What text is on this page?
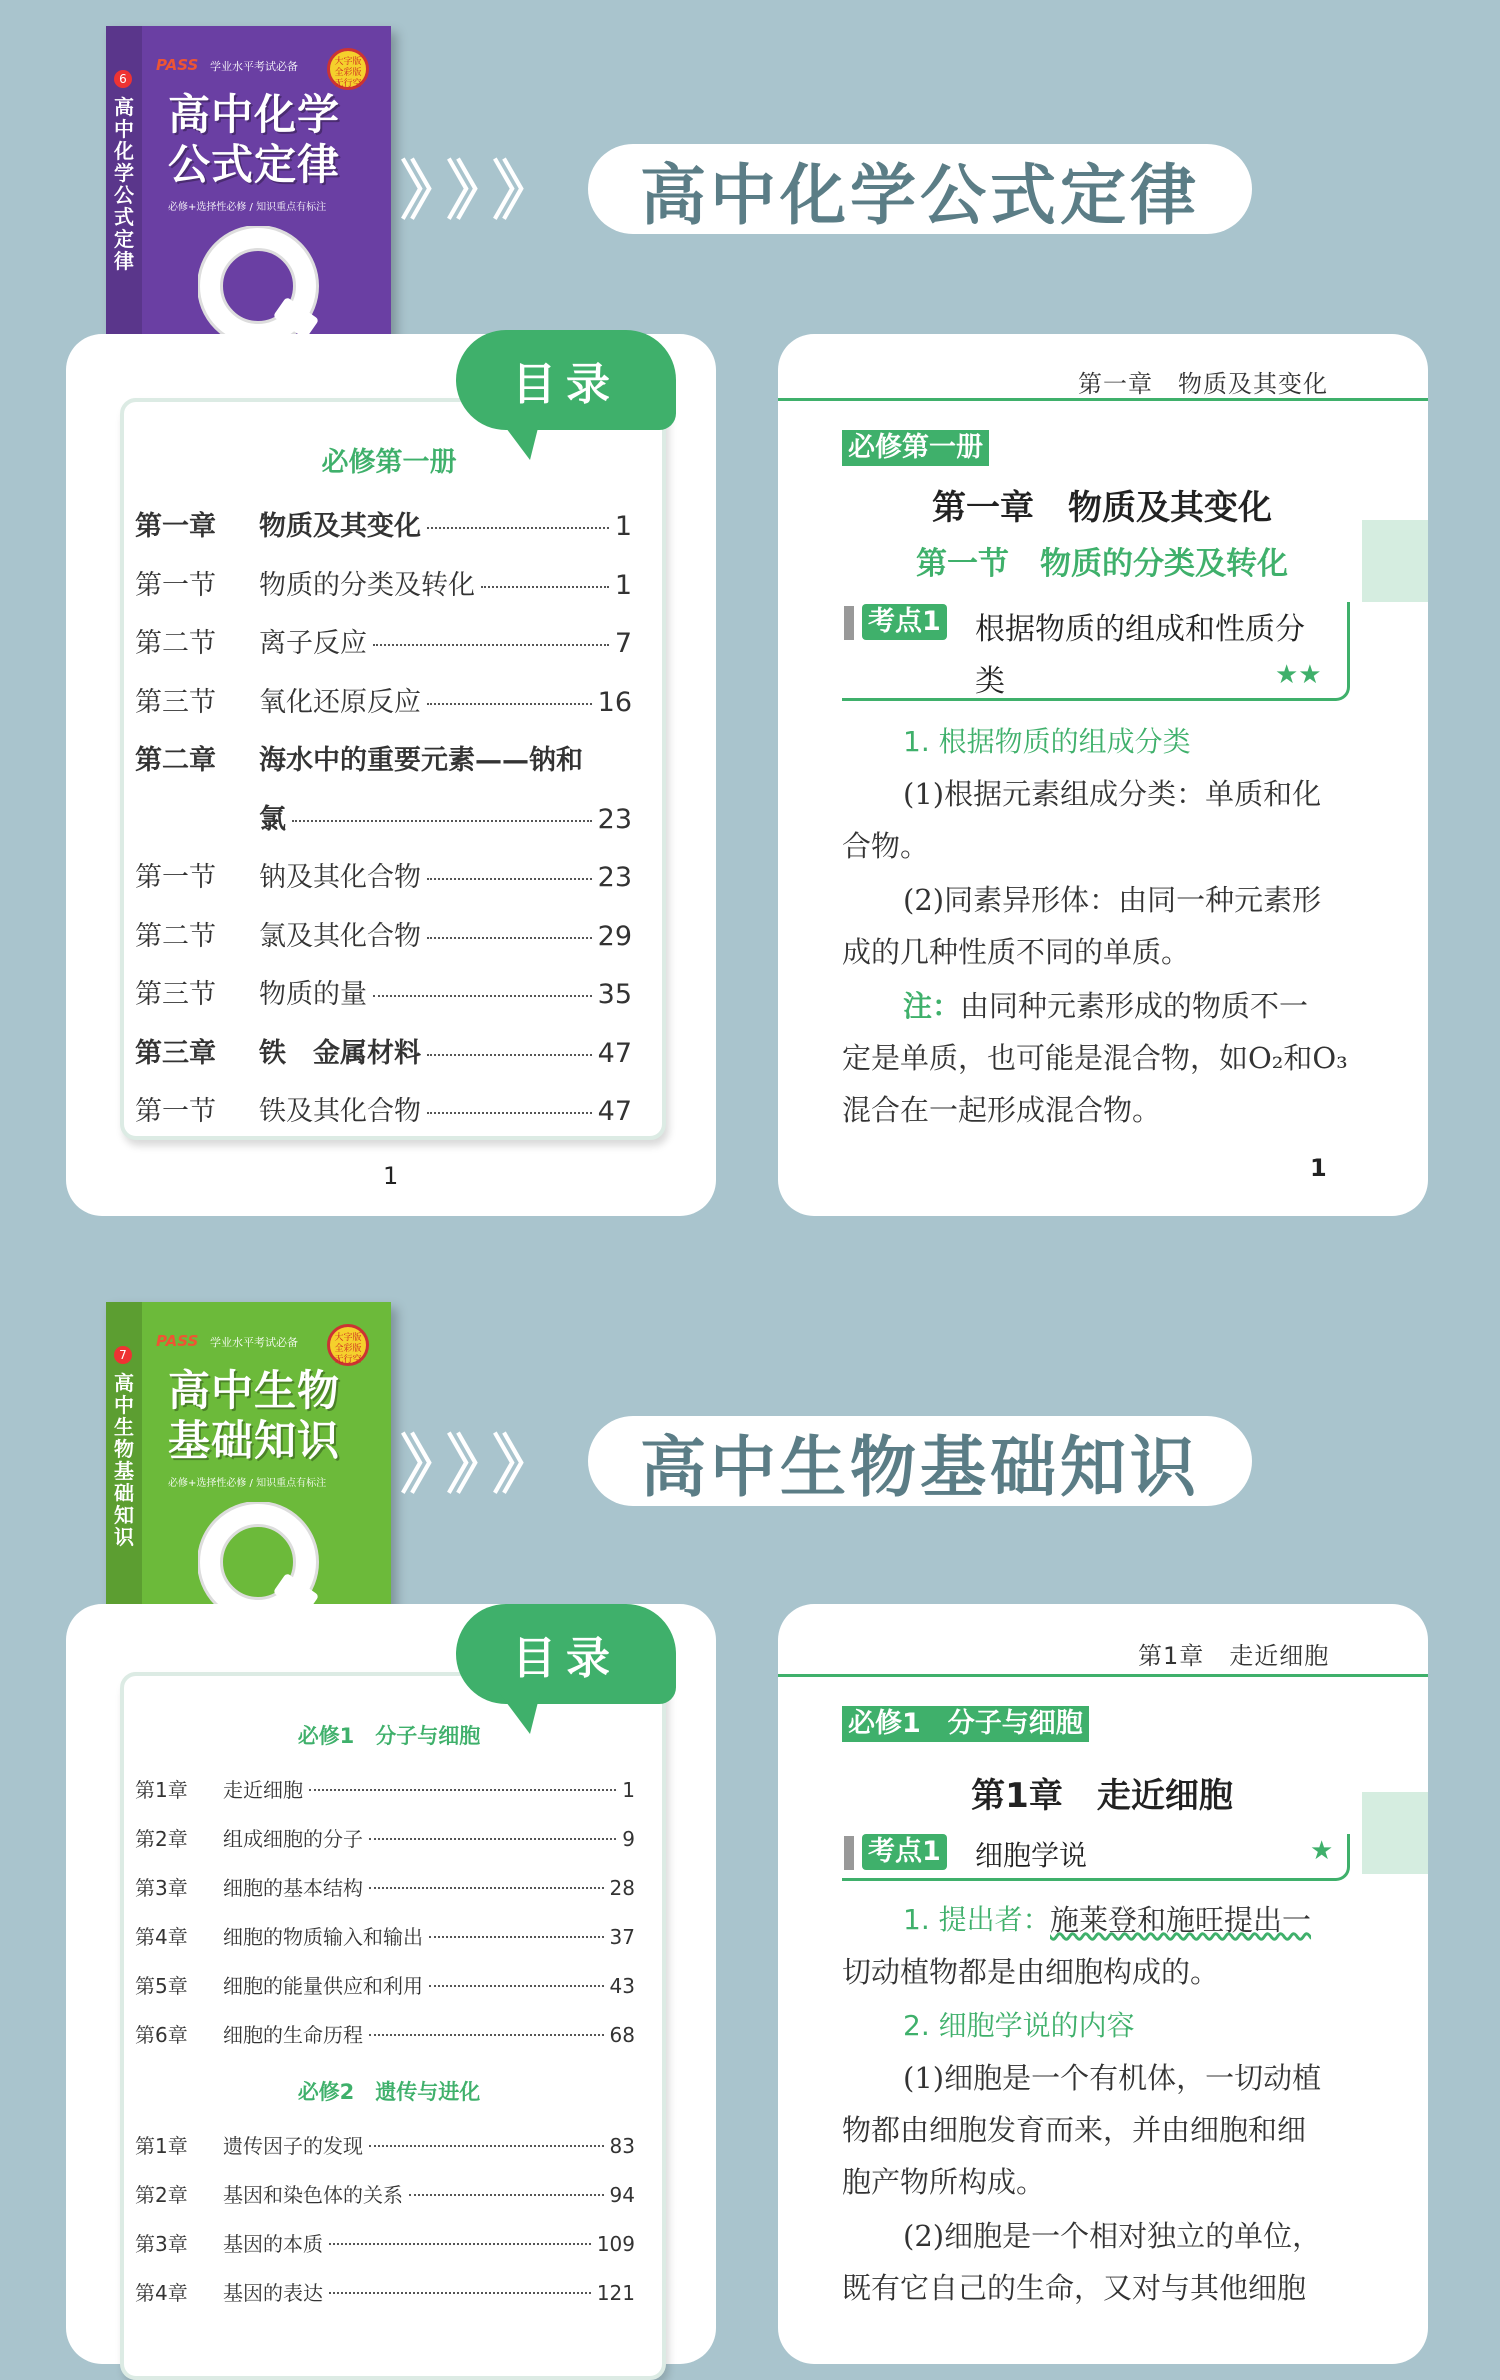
6
高中化学公式定律
PASS 学业水平考试必备	大字版 全彩版 无行空
高中化学
公式定律
必修+选择性必修 / 知识重点有标注 》》》	高中化学公式定律
目录
必修第一册
第一章	物质及其变化	1
第一节	物质的分类及转化	1
第二节	离子反应	7
第三节	氧化还原反应	16
第二章	海水中的重要元素——钠和
氯	23
第一节	钠及其化合物	23
第二节	氯及其化合物	29
第三节	物质的量	35
第三章	铁　金属材料	47
第一节	铁及其化合物	47
1
第一章　物质及其变化
必修第一册
第一章　物质及其变化
第一节　物质的分类及转化
考点1 根据物质的组成和性质分
类	★★
1. 根据物质的组成分类
(1)根据元素组成分类：单质和化
合物。
(2)同素异形体：由同一种元素形
成的几种性质不同的单质。
注：
由同种元素形成的物质不一
定是单质，也可能是混合物，如O₂和O₃
混合在一起形成混合物。
1
7
高中生物基础知识
PASS 学业水平考试必备	大字版 全彩版 无行空
高中生物
基础知识
必修+选择性必修 / 知识重点有标注 》》》	高中生物基础知识
目录
必修1　分子与细胞
第1章	走近细胞	1
第2章	组成细胞的分子	9
第3章	细胞的基本结构	28
第4章	细胞的物质输入和输出	37
第5章	细胞的能量供应和利用	43
第6章	细胞的生命历程	68
必修2　遗传与进化
第1章	遗传因子的发现	83
第2章	基因和染色体的关系	94
第3章	基因的本质	109
第4章	基因的表达	121
第1章　走近细胞
必修1　分子与细胞
第1章　走近细胞
考点1 细胞学说	★
1. 提出者： 施莱登和施旺提出一
切动植物都是由细胞构成的。
2. 细胞学说的内容
(1)细胞是一个有机体，一切动植
物都由细胞发育而来，并由细胞和细
胞产物所构成。
(2)细胞是一个相对独立的单位，
既有它自己的生命，又对与其他细胞
